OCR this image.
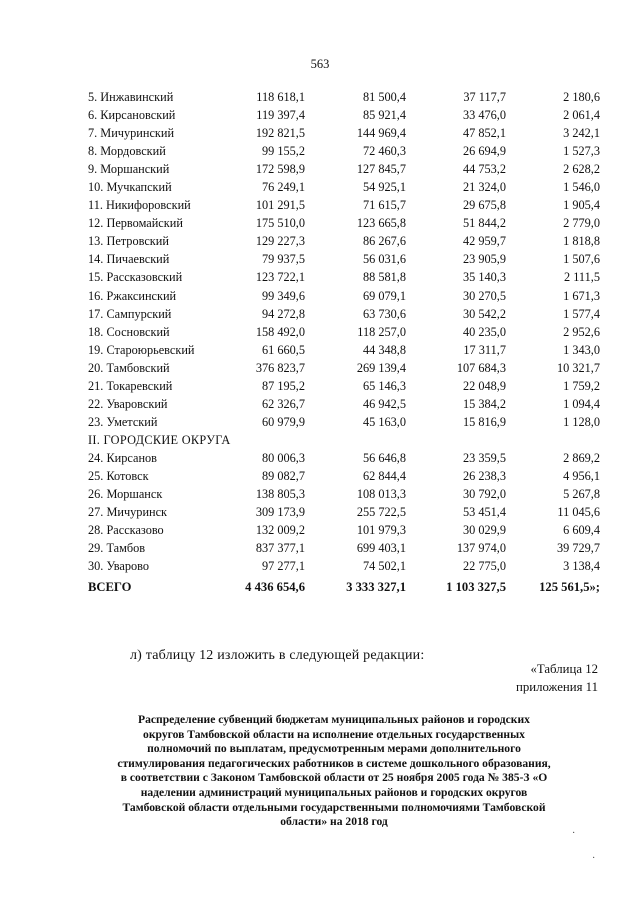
563
5. Инжавинский	118 618,1	81 500,4	37 117,7	2 180,6
6. Кирсановский	119 397,4	85 921,4	33 476,0	2 061,4
7. Мичуринский	192 821,5	144 969,4	47 852,1	3 242,1
8. Мордовский	99 155,2	72 460,3	26 694,9	1 527,3
9. Моршанский	172 598,9	127 845,7	44 753,2	2 628,2
10. Мучкапский	76 249,1	54 925,1	21 324,0	1 546,0
11. Никифоровский	101 291,5	71 615,7	29 675,8	1 905,4
12. Первомайский	175 510,0	123 665,8	51 844,2	2 779,0
13. Петровский	129 227,3	86 267,6	42 959,7	1 818,8
14. Пичаевский	79 937,5	56 031,6	23 905,9	1 507,6
15. Рассказовский	123 722,1	88 581,8	35 140,3	2 111,5
16. Ржаксинский	99 349,6	69 079,1	30 270,5	1 671,3
17. Сампурский	94 272,8	63 730,6	30 542,2	1 577,4
18. Сосновский	158 492,0	118 257,0	40 235,0	2 952,6
19. Староюрьевский	61 660,5	44 348,8	17 311,7	1 343,0
20. Тамбовский	376 823,7	269 139,4	107 684,3	10 321,7
21. Токаревский	87 195,2	65 146,3	22 048,9	1 759,2
22. Уваровский	62 326,7	46 942,5	15 384,2	1 094,4
23. Уметский	60 979,9	45 163,0	15 816,9	1 128,0
II. ГОРОДСКИЕ ОКРУГА				
24. Кирсанов	80 006,3	56 646,8	23 359,5	2 869,2
25. Котовск	89 082,7	62 844,4	26 238,3	4 956,1
26. Моршанск	138 805,3	108 013,3	30 792,0	5 267,8
27. Мичуринск	309 173,9	255 722,5	53 451,4	11 045,6
28. Рассказово	132 009,2	101 979,3	30 029,9	6 609,4
29. Тамбов	837 377,1	699 403,1	137 974,0	39 729,7
30. Уварово	97 277,1	74 502,1	22 775,0	3 138,4
ВСЕГО	4 436 654,6	3 333 327,1	1 103 327,5	125 561,5»;
л) таблицу 12 изложить в следующей редакции:
«Таблица 12
приложения 11
Распределение субвенций бюджетам муниципальных районов и городских
округов Тамбовской области на исполнение отдельных государственных
полномочий по выплатам, предусмотренным мерами дополнительного
стимулирования педагогических работников в системе дошкольного образования,
в соответствии с Законом Тамбовской области от 25 ноября 2005 года № 385-З «О
наделении администраций муниципальных районов и городских округов
Тамбовской области отдельными государственными полномочиями Тамбовской
области» на 2018 год
·
·
